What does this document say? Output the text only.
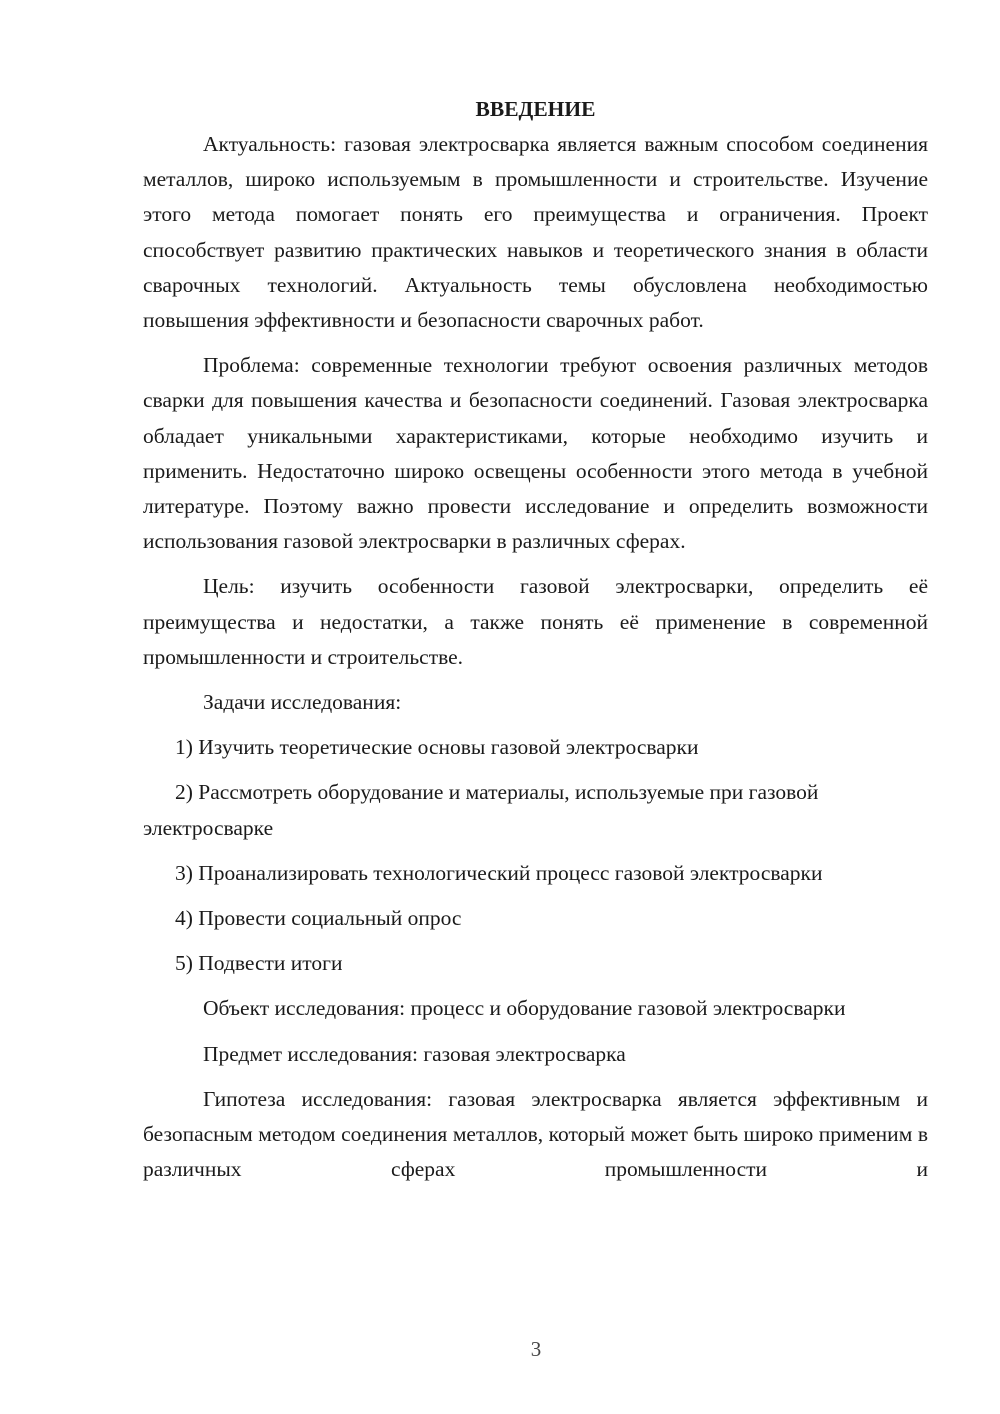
ВВЕДЕНИЕ

Актуальность: газовая электросварка является важным способом соединения металлов, широко используемым в промышленности и строительстве. Изучение этого метода помогает понять его преимущества и ограничения. Проект способствует развитию практических навыков и теоретического знания в области сварочных технологий. Актуальность темы обусловлена необходимостью повышения эффективности и безопасности сварочных работ.

Проблема: современные технологии требуют освоения различных методов сварки для повышения качества и безопасности соединений. Газовая электросварка обладает уникальными характеристиками, которые необходимо изучить и применить. Недостаточно широко освещены особенности этого метода в учебной литературе. Поэтому важно провести исследование и определить возможности использования газовой электросварки в различных сферах.

Цель: изучить особенности газовой электросварки, определить её преимущества и недостатки, а также понять её применение в современной промышленности и строительстве.

Задачи исследования:

1) Изучить теоретические основы газовой электросварки

2) Рассмотреть оборудование и материалы, используемые при газовой электросварке

3) Проанализировать технологический процесс газовой электросварки

4) Провести социальный опрос

5) Подвести итоги

Объект исследования: процесс и оборудование газовой электросварки

Предмет исследования: газовая электросварка

Гипотеза исследования: газовая электросварка является эффективным и безопасным методом соединения металлов, который может быть широко применим в различных сферах промышленности и

3
